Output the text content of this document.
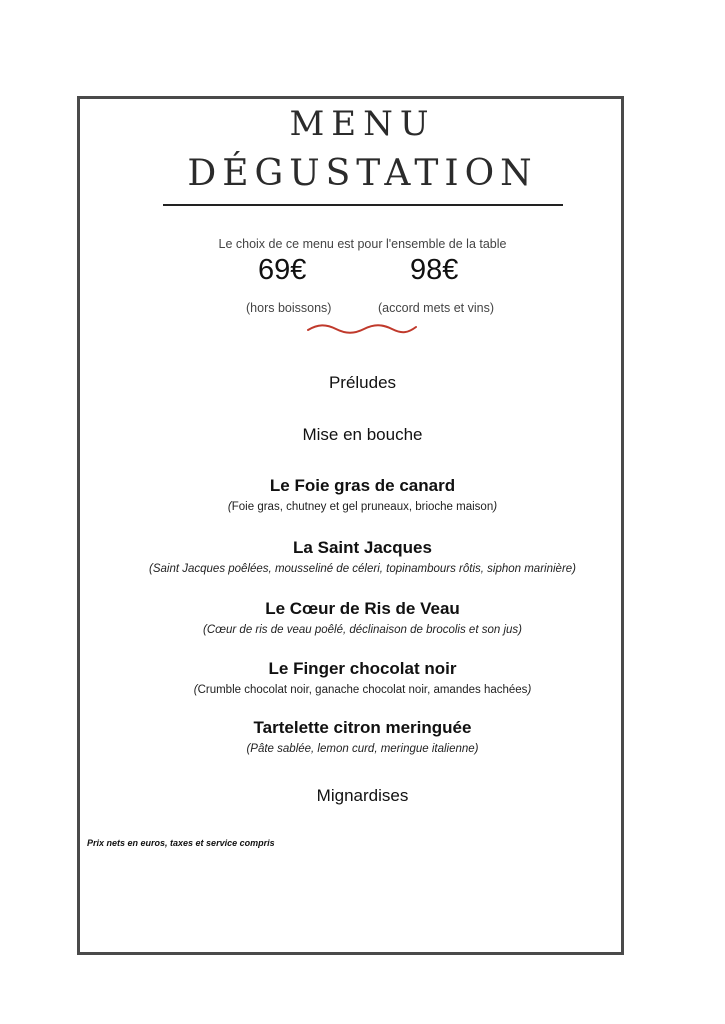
MENU
DÉGUSTATION
Le choix de ce menu est pour l'ensemble de la table
69€	98€
(hors boissons)	(accord mets et vins)
Préludes
Mise en bouche
Le Foie gras de canard
(Foie gras, chutney et gel pruneaux, brioche maison)
La Saint Jacques
(Saint Jacques poêlées, mousseliné de céleri, topinambours rôtis, siphon marinière)
Le Cœur de Ris de Veau
(Cœur de ris de veau poêlé, déclinaison de brocolis et son jus)
Le Finger chocolat noir
(Crumble chocolat noir, ganache chocolat noir, amandes hachées)
Tartelette citron meringuée
(Pâte sablée, lemon curd, meringue italienne)
Mignardises
Prix nets en euros, taxes et service compris
